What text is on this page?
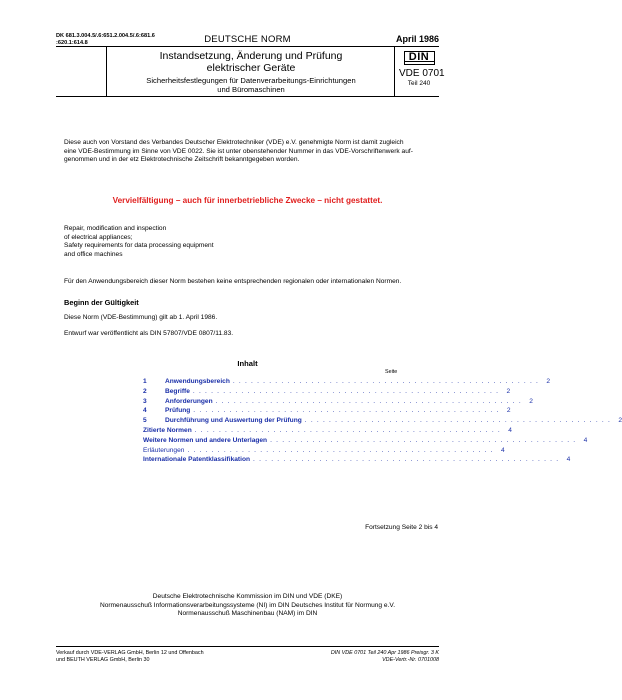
DK 681.3.004.5/.6:651.2.004.5/.6:681.6
:620.1:614.8	DEUTSCHE NORM	April 1986
Instandsetzung, Änderung und Prüfung
elektrischer Geräte
Sicherheitsfestlegungen für Datenverarbeitungs-Einrichtungen
und Büromaschinen
DIN
VDE 0701
Teil 240
Diese auch von Vorstand des Verbandes Deutscher Elektrotechniker (VDE) e.V. genehmigte Norm ist damit zugleich
eine VDE-Bestimmung im Sinne von VDE 0022. Sie ist unter obenstehender Nummer in das VDE-Vorschriftenwerk auf-
genommen und in der etz Elektrotechnische Zeitschrift bekanntgegeben worden.
Vervielfältigung – auch für innerbetriebliche Zwecke – nicht gestattet.
Repair, modification and inspection
of electrical appliances;
Safety requirements for data processing equipment
and office machines
Für den Anwendungsbereich dieser Norm bestehen keine entsprechenden regionalen oder internationalen Normen.
Beginn der Gültigkeit
Diese Norm (VDE-Bestimmung) gilt ab 1. April 1986.
Entwurf war veröffentlicht als DIN 57807/VDE 0807/11.83.
Inhalt
Seite
1	Anwendungsbereich . . . . . . . . . . . . . . . . . . . . . . . . . . . . . . . . . . . . . . . . . . . . . . . . . . .	2
2	Begriffe . . . . . . . . . . . . . . . . . . . . . . . . . . . . . . . . . . . . . . . . . . . . . . . . . . .	2
3	Anforderungen . . . . . . . . . . . . . . . . . . . . . . . . . . . . . . . . . . . . . . . . . . . . . . . . . . .	2
4	Prüfung . . . . . . . . . . . . . . . . . . . . . . . . . . . . . . . . . . . . . . . . . . . . . . . . . . .	2
5	Durchführung und Auswertung der Prüfung . . . . . . . . . . . . . . . . . . . . . . . . . . . . . . . . . . . . . . . . . . . . . . . . . . .	2
Zitierte Normen . . . . . . . . . . . . . . . . . . . . . . . . . . . . . . . . . . . . . . . . . . . . . . . . . . .	4
Weitere Normen und andere Unterlagen . . . . . . . . . . . . . . . . . . . . . . . . . . . . . . . . . . . . . . . . . . . . . . . . . . .	4
Erläuterungen . . . . . . . . . . . . . . . . . . . . . . . . . . . . . . . . . . . . . . . . . . . . . . . . . . .	4
Internationale Patentklassifikation . . . . . . . . . . . . . . . . . . . . . . . . . . . . . . . . . . . . . . . . . . . . . . . . . . .	4
Fortsetzung Seite 2 bis 4
Deutsche Elektrotechnische Kommission im DIN und VDE (DKE)
Normenausschuß Informationsverarbeitungssysteme (NI) im DIN Deutsches Institut für Normung e.V.
Normenausschuß Maschinenbau (NAM) im DIN
Verkauf durch VDE-VERLAG GmbH, Berlin 12 und Offenbach
und BEUTH VERLAG GmbH, Berlin 30
DIN VDE 0701 Teil 240 Apr 1986 Preisgr. 3 K
VDE-Vertr.-Nr. 0701008
